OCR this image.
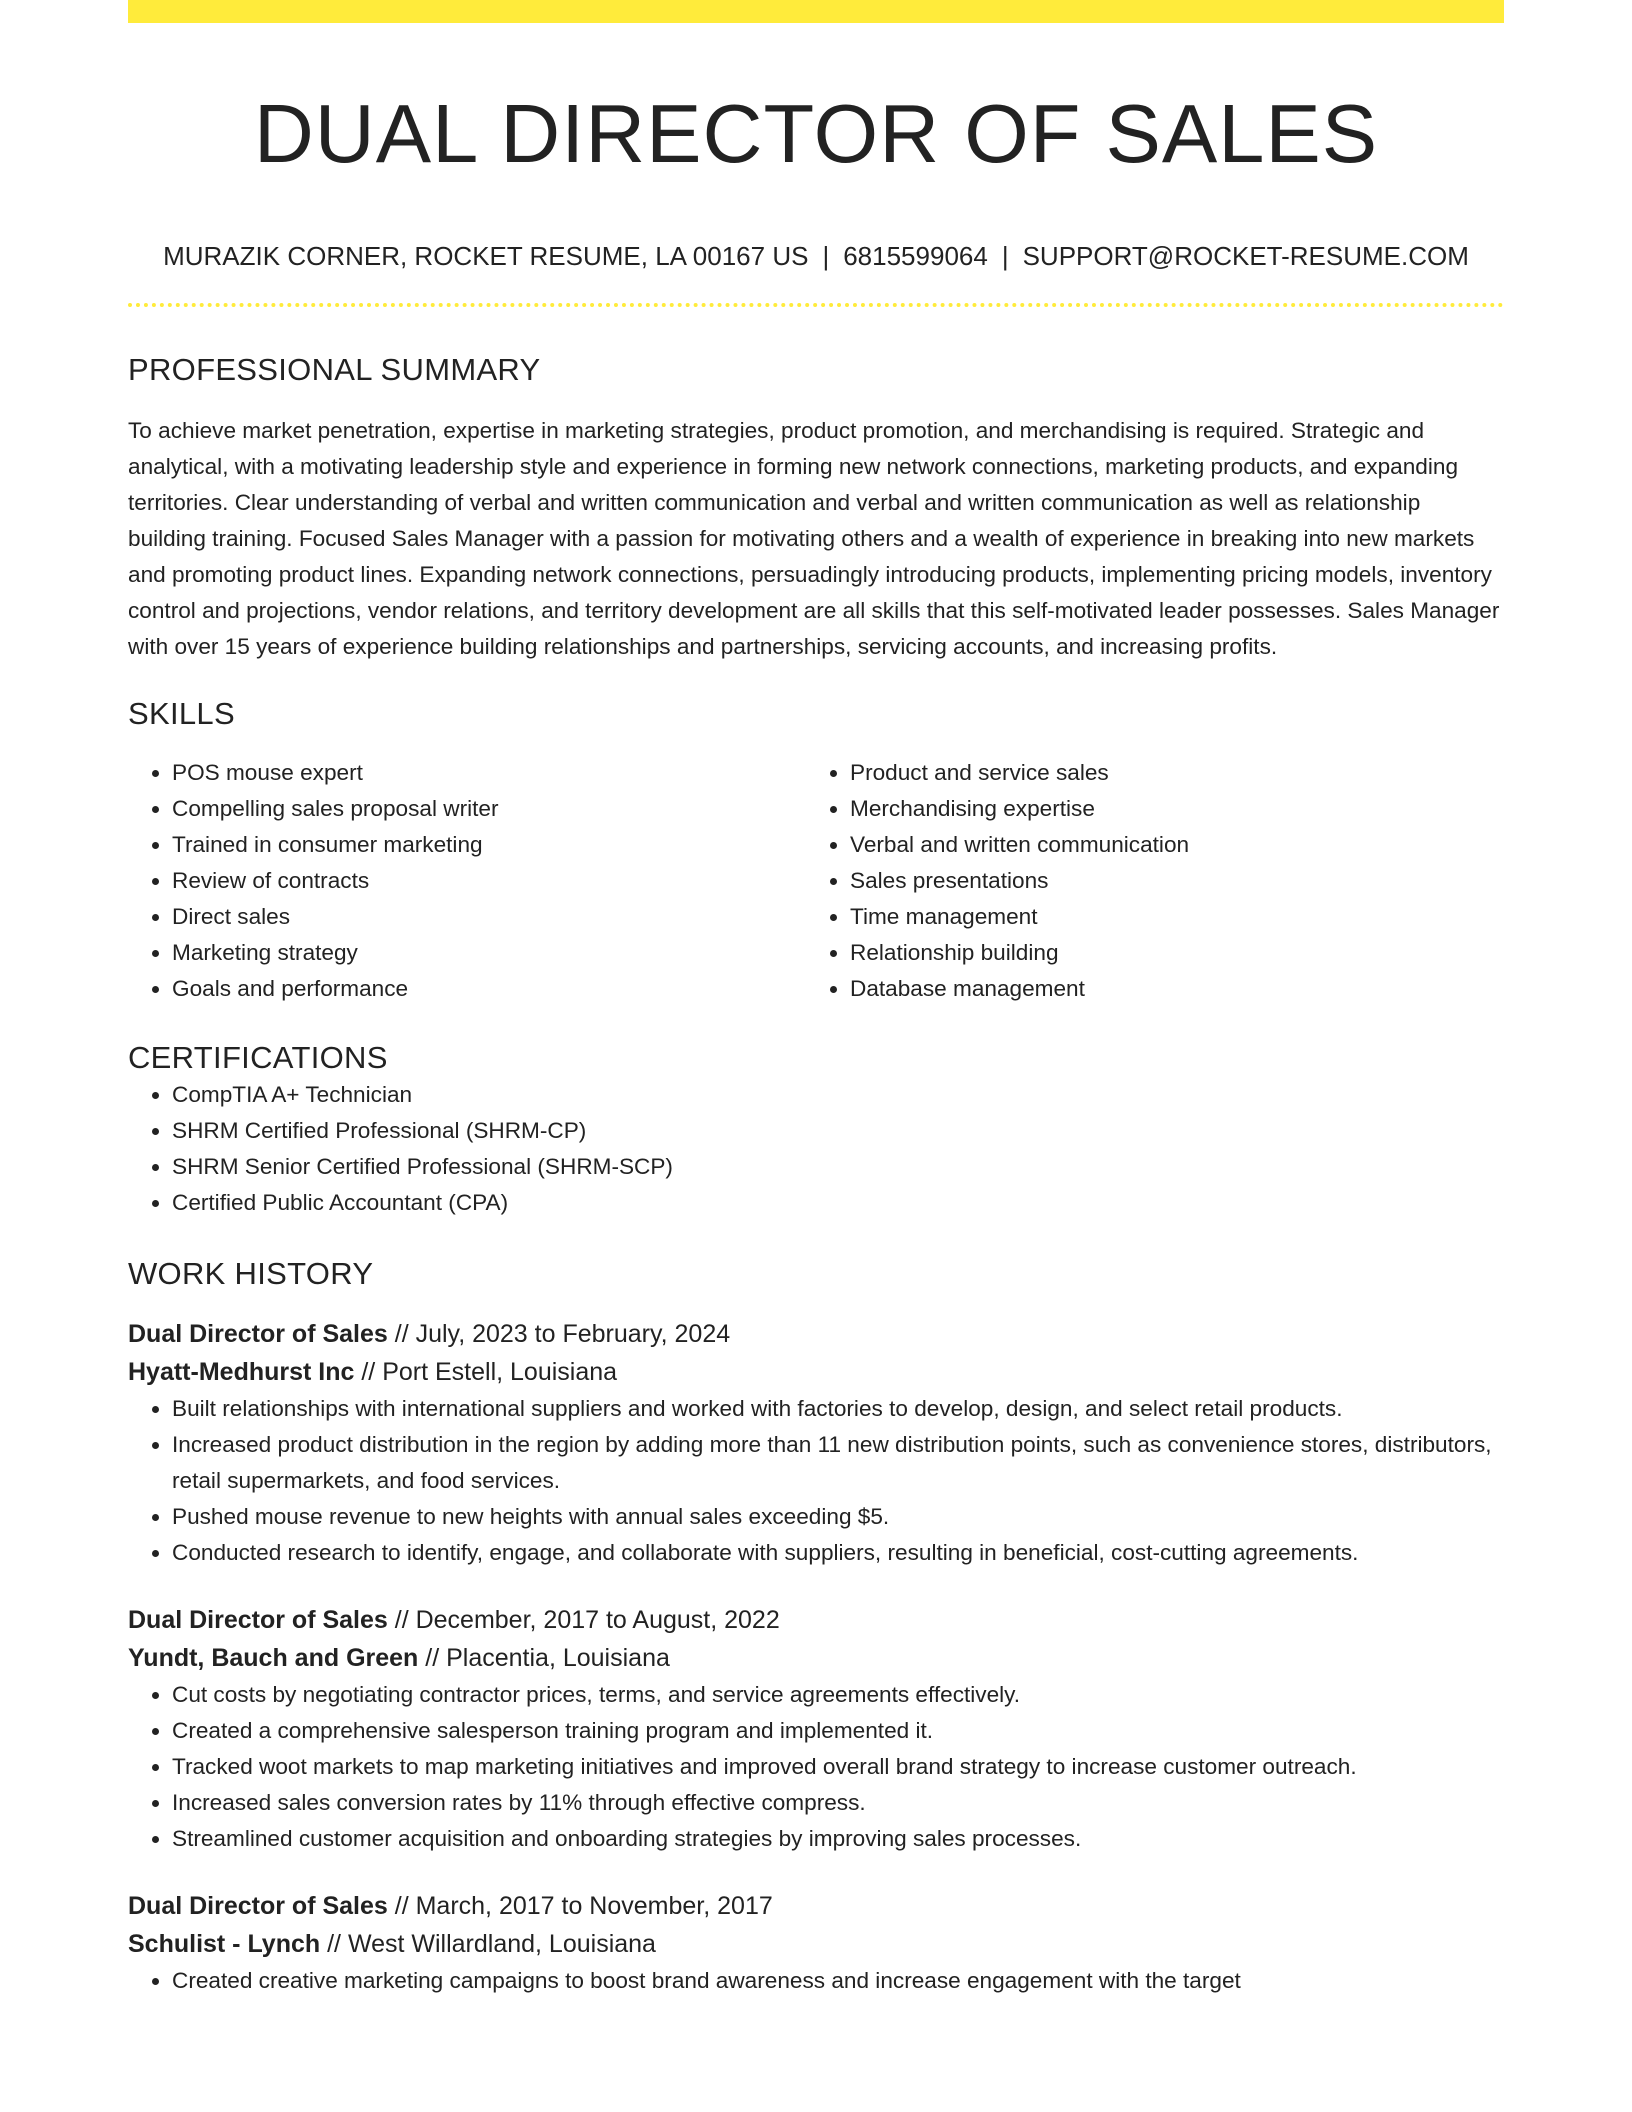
DUAL DIRECTOR OF SALES
MURAZIK CORNER, ROCKET RESUME, LA 00167 US | 6815599064 | SUPPORT@ROCKET-RESUME.COM
PROFESSIONAL SUMMARY

To achieve market penetration, expertise in marketing strategies, product promotion, and merchandising is required. Strategic and analytical, with a motivating leadership style and experience in forming new network connections, marketing products, and expanding territories. Clear understanding of verbal and written communication and verbal and written communication as well as relationship building training. Focused Sales Manager with a passion for motivating others and a wealth of experience in breaking into new markets and promoting product lines. Expanding network connections, persuadingly introducing products, implementing pricing models, inventory control and projections, vendor relations, and territory development are all skills that this self-motivated leader possesses. Sales Manager with over 15 years of experience building relationships and partnerships, servicing accounts, and increasing profits.

SKILLS
• POS mouse expert
• Compelling sales proposal writer
• Trained in consumer marketing
• Review of contracts
• Direct sales
• Marketing strategy
• Goals and performance
• Product and service sales
• Merchandising expertise
• Verbal and written communication
• Sales presentations
• Time management
• Relationship building
• Database management
CERTIFICATIONS
• CompTIA A+ Technician
• SHRM Certified Professional (SHRM-CP)
• SHRM Senior Certified Professional (SHRM-SCP)
• Certified Public Accountant (CPA)
WORK HISTORY
Dual Director of Sales // July, 2023 to February, 2024
Hyatt-Medhurst Inc // Port Estell, Louisiana
• Built relationships with international suppliers and worked with factories to develop, design, and select retail products.
• Increased product distribution in the region by adding more than 11 new distribution points, such as convenience stores, distributors, retail supermarkets, and food services.
• Pushed mouse revenue to new heights with annual sales exceeding $5.
• Conducted research to identify, engage, and collaborate with suppliers, resulting in beneficial, cost-cutting agreements.
Dual Director of Sales // December, 2017 to August, 2022
Yundt, Bauch and Green // Placentia, Louisiana
• Cut costs by negotiating contractor prices, terms, and service agreements effectively.
• Created a comprehensive salesperson training program and implemented it.
• Tracked woot markets to map marketing initiatives and improved overall brand strategy to increase customer outreach.
• Increased sales conversion rates by 11% through effective compress.
• Streamlined customer acquisition and onboarding strategies by improving sales processes.
Dual Director of Sales // March, 2017 to November, 2017
Schulist - Lynch // West Willardland, Louisiana
• Created creative marketing campaigns to boost brand awareness and increase engagement with the target
